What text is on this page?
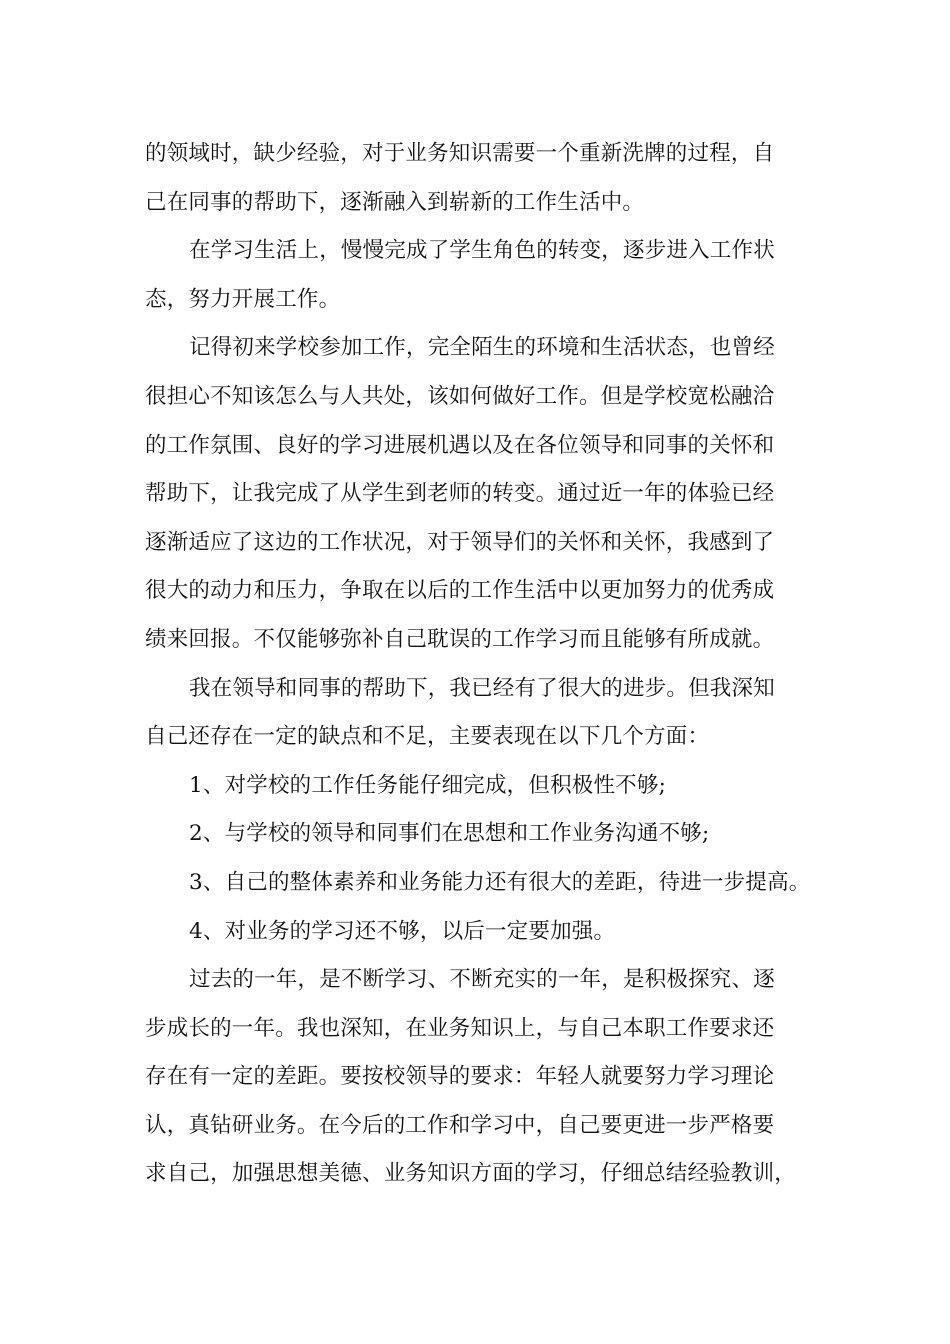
的领域时，缺少经验，对于业务知识需要一个重新洗牌的过程，自
己在同事的帮助下，逐渐融入到崭新的工作生活中。
在学习生活上，慢慢完成了学生角色的转变，逐步进入工作状
态，努力开展工作。
记得初来学校参加工作，完全陌生的环境和生活状态，也曾经
很担心不知该怎么与人共处，该如何做好工作。但是学校宽松融洽
的工作氛围、良好的学习进展机遇以及在各位领导和同事的关怀和
帮助下，让我完成了从学生到老师的转变。通过近一年的体验已经
逐渐适应了这边的工作状况，对于领导们的关怀和关怀，我感到了
很大的动力和压力，争取在以后的工作生活中以更加努力的优秀成
绩来回报。不仅能够弥补自己耽误的工作学习而且能够有所成就。
我在领导和同事的帮助下，我已经有了很大的进步。但我深知
自己还存在一定的缺点和不足，主要表现在以下几个方面：
1、对学校的工作任务能仔细完成，但积极性不够;
2、与学校的领导和同事们在思想和工作业务沟通不够;
3、自己的整体素养和业务能力还有很大的差距，待进一步提高。
4、对业务的学习还不够，以后一定要加强。
过去的一年，是不断学习、不断充实的一年，是积极探究、逐
步成长的一年。我也深知，在业务知识上，与自己本职工作要求还
存在有一定的差距。要按校领导的要求：年轻人就要努力学习理论
认，真钻研业务。在今后的工作和学习中，自己要更进一步严格要
求自己，加强思想美德、业务知识方面的学习，仔细总结经验教训，
